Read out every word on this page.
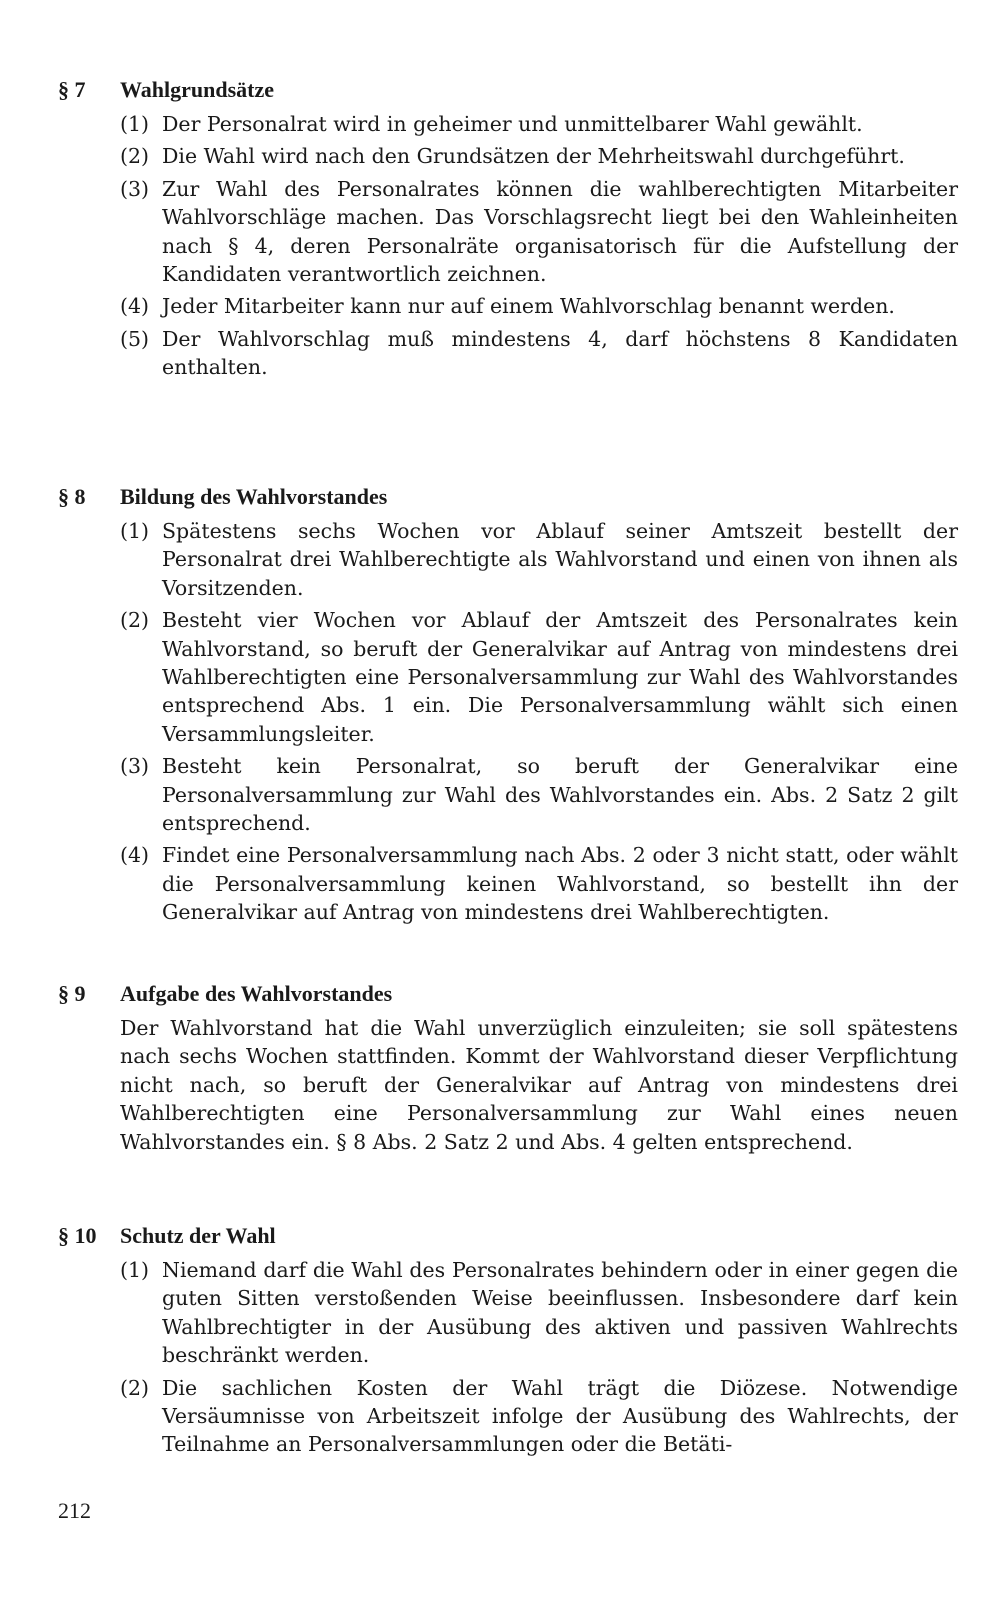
§ 7	Wahlgrundsätze
(1) Der Personalrat wird in geheimer und unmittelbarer Wahl gewählt.
(2) Die Wahl wird nach den Grundsätzen der Mehrheitswahl durchgeführt.
(3) Zur Wahl des Personalrates können die wahlberechtigten Mitarbeiter Wahlvorschläge machen. Das Vorschlagsrecht liegt bei den Wahleinheiten nach § 4, deren Personalräte organisatorisch für die Aufstellung der Kandidaten verantwortlich zeichnen.
(4) Jeder Mitarbeiter kann nur auf einem Wahlvorschlag benannt werden.
(5) Der Wahlvorschlag muß mindestens 4, darf höchstens 8 Kandidaten enthalten.
§ 8	Bildung des Wahlvorstandes
(1) Spätestens sechs Wochen vor Ablauf seiner Amtszeit bestellt der Personalrat drei Wahlberechtigte als Wahlvorstand und einen von ihnen als Vorsitzenden.
(2) Besteht vier Wochen vor Ablauf der Amtszeit des Personalrates kein Wahlvorstand, so beruft der Generalvikar auf Antrag von mindestens drei Wahlberechtigten eine Personalversammlung zur Wahl des Wahlvorstandes entsprechend Abs. 1 ein. Die Personalversammlung wählt sich einen Versammlungsleiter.
(3) Besteht kein Personalrat, so beruft der Generalvikar eine Personalversammlung zur Wahl des Wahlvorstandes ein. Abs. 2 Satz 2 gilt entsprechend.
(4) Findet eine Personalversammlung nach Abs. 2 oder 3 nicht statt, oder wählt die Personalversammlung keinen Wahlvorstand, so bestellt ihn der Generalvikar auf Antrag von mindestens drei Wahlberechtigten.
§ 9	Aufgabe des Wahlvorstandes
Der Wahlvorstand hat die Wahl unverzüglich einzuleiten; sie soll spätestens nach sechs Wochen stattfinden. Kommt der Wahlvorstand dieser Verpflichtung nicht nach, so beruft der Generalvikar auf Antrag von mindestens drei Wahlberechtigten eine Personalversammlung zur Wahl eines neuen Wahlvorstandes ein. § 8 Abs. 2 Satz 2 und Abs. 4 gelten entsprechend.
§ 10	Schutz der Wahl
(1) Niemand darf die Wahl des Personalrates behindern oder in einer gegen die guten Sitten verstoßenden Weise beeinflussen. Insbesondere darf kein Wahlbrechtigter in der Ausübung des aktiven und passiven Wahlrechts beschränkt werden.
(2) Die sachlichen Kosten der Wahl trägt die Diözese. Notwendige Versäumnisse von Arbeitszeit infolge der Ausübung des Wahlrechts, der Teilnahme an Personalversammlungen oder die Betäti-
212
